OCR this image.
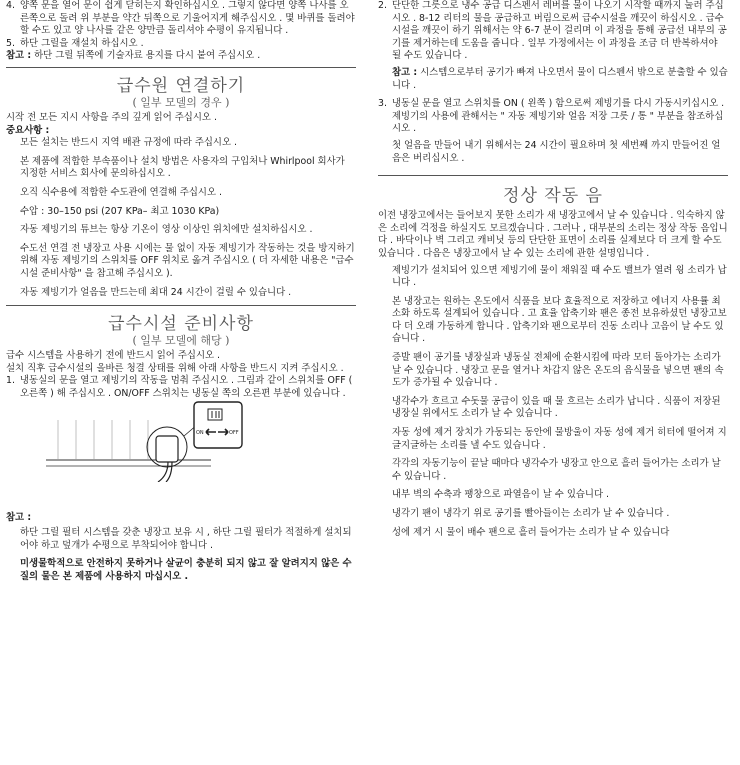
4. 양쪽 문을 열어 문이 쉽게 닫히는지 확인하십시오 . 그렇지 않다면 양쪽 나사를 오른쪽으로 돌려 위 부분을 약간 뒤쪽으로 기울어지게 해주십시오 . 몇 바퀴를 돌려야 할 수도 있고 양 나사를 같은 양만큼 돌리셔야 수평이 유지됩니다 .

5. 하단 그릴을 재설치 하십시오 .

참고 : 하단 그릴 뒤쪽에 기술자료 용지를 다시 붙여 주십시오 .

급수원 연결하기
( 일부 모델의 경우 )

시작 전 모든 지시 사항을 주의 깊게 읽어 주십시오 .

중요사항 :

모든 설치는 반드시 지역 배관 규정에 따라 주십시오 .

본 제품에 적합한 부속품이나 설치 방법은 사용자의 구입처나 Whirlpool 회사가 지정한 서비스 회사에 문의하십시오 .

오직 식수용에 적합한 수도관에 연결해 주십시오 .

수압 : 30–150 psi (207 KPa– 최고 1030 KPa)

자동 제빙기의 튜브는 항상 기온이 영상 이상인 위치에만 설치하십시오 .

수도선 연결 전 냉장고 사용 시에는 물 없이 자동 제빙기가 작동하는 것을 방지하기 위해 자동 제빙기의 스위치를 OFF 위치로 옮겨 주십시오 ( 더 자세한 내용은 "급수시설 준비사항" 을 참고해 주십시오 ).

자동 제빙기가 얼음을 만드는데 최대 24 시간이 걸릴 수 있습니다 .

급수시설 준비사항
( 일부 모델에 해당 )

급수 시스템을 사용하기 전에 반드시 읽어 주십시오 .

설치 직후 급수시설의 올바른 청결 상태를 위해 아래 사항을 반드시 지켜 주십시오 .

1. 냉동실의 문을 열고 제빙기의 작동을 멈춰 주십시오 . 그림과 같이 스위치를 OFF ( 오른쪽 ) 해 주십시오 . ON/OFF 스위치는 냉동실 쪽의 오른편 부분에 있습니다 .

ON	OFF

참고 :

하단 그릴 필터 시스템을 갖춘 냉장고 보유 시 , 하단 그릴 필터가 적절하게 설치되어야 하고 덮개가 수평으로 부착되어야 합니다 .

미생물학적으로 안전하지 못하거나 살균이 충분히 되지 않고 잘 알려지지 않은 수질의 물은 본 제품에 사용하지 마십시오 .

2. 단단한 그릇으로 냉수 공급 디스펜서 레버를 물이 나오기 시작할 때까지 눌러 주십시오 . 8-12 리터의 물을 공급하고 버림으로써 급수시설을 깨끗이 하십시오 . 급수 시설을 깨끗이 하기 위해서는 약 6-7 분이 걸리며 이 과정을 통해 공급선 내부의 공기를 제거하는데 도움을 줍니다 . 일부 가정에서는 이 과정을 조금 더 반복하셔야 될 수도 있습니다 .

참고 : 시스템으로부터 공기가 빠져 나오면서 물이 디스펜서 밖으로 분출할 수 있습니다 .

3. 냉동실 문을 열고 스위치를 ON ( 왼쪽 ) 함으로써 제빙기를 다시 가동시키십시오 . 제빙기의 사용에 관해서는 " 자동 제빙기와 얼음 저장 그릇 / 통 " 부분을 참조하십시오 .

첫 얼음을 만들어 내기 위해서는 24 시간이 필요하며 첫 세번째 까지 만들어진 얼음은 버리십시오 .

정상 작동 음

이전 냉장고에서는 들어보지 못한 소리가 새 냉장고에서 날 수 있습니다 . 익숙하지 않은 소리에 걱정을 하실지도 모르겠습니다 . 그러나 , 대부분의 소리는 정상 작동 음입니다 . 바닥이나 벽 그리고 캐비닛 등의 단단한 표면이 소리를 실제보다 더 크게 할 수도 있습니다 . 다음은 냉장고에서 날 수 있는 소리에 관한 설명입니다 .

제빙기가 설치되어 있으면 제빙기에 물이 채워질 때 수도 밸브가 열려 윙 소리가 납니다 .

본 냉장고는 원하는 온도에서 식품을 보다 효율적으로 저장하고 에너지 사용률 최소화 하도록 설계되어 있습니다 . 고 효율 압축기와 팬은 종전 보유하셨던 냉장고보다 더 오래 가동하게 합니다 . 압축기와 팬으로부터 진동 소리나 고음이 날 수도 있습니다 .

증발 팬이 공기를 냉장실과 냉동실 전체에 순환시킴에 따라 모터 돌아가는 소리가 날 수 있습니다 . 냉장고 문을 열거나 차갑지 않은 온도의 음식물을 넣으면 팬의 속도가 증가될 수 있습니다 .

냉각수가 흐르고 수돗물 공급이 있을 때 물 흐르는 소리가 납니다 . 식품이 저장된 냉장실 위에서도 소리가 날 수 있습니다 .

자동 성에 제거 장치가 가동되는 동안에 물방울이 자동 성에 제거 히터에 떨어져 지글지글하는 소리를 낼 수도 있습니다 .

각각의 자동기능이 끝날 때마다 냉각수가 냉장고 안으로 흘러 들어가는 소리가 날 수 있습니다 .

내부 벽의 수축과 팽창으로 파열음이 날 수 있습니다 .

냉각기 팬이 냉각기 위로 공기를 빨아들이는 소리가 날 수 있습니다 .

성에 제거 시 물이 배수 팬으로 흘러 들어가는 소리가 날 수 있습니다
